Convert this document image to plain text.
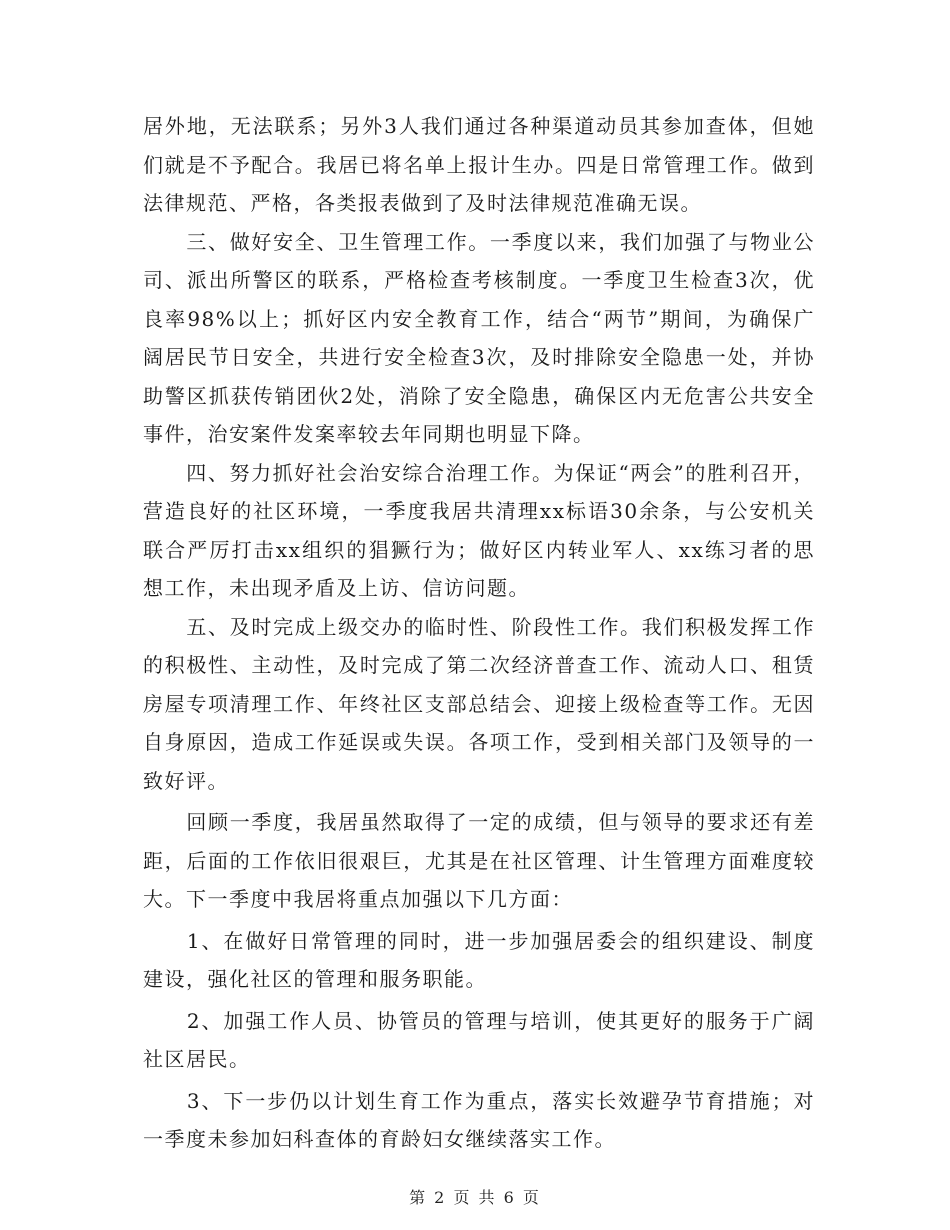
居外地，无法联系；另外3人我们通过各种渠道动员其参加查体，但她们就是不予配合。我居已将名单上报计生办。四是日常管理工作。做到法律规范、严格，各类报表做到了及时法律规范准确无误。

　　三、做好安全、卫生管理工作。一季度以来，我们加强了与物业公司、派出所警区的联系，严格检查考核制度。一季度卫生检查3次，优良率98%以上；抓好区内安全教育工作，结合“两节”期间，为确保广阔居民节日安全，共进行安全检查3次，及时排除安全隐患一处，并协助警区抓获传销团伙2处，消除了安全隐患，确保区内无危害公共安全事件，治安案件发案率较去年同期也明显下降。

　　四、努力抓好社会治安综合治理工作。为保证“两会”的胜利召开，营造良好的社区环境，一季度我居共清理xx标语30余条，与公安机关联合严厉打击xx组织的猖獗行为；做好区内转业军人、xx练习者的思想工作，未出现矛盾及上访、信访问题。

　　五、及时完成上级交办的临时性、阶段性工作。我们积极发挥工作的积极性、主动性，及时完成了第二次经济普查工作、流动人口、租赁房屋专项清理工作、年终社区支部总结会、迎接上级检查等工作。无因自身原因，造成工作延误或失误。各项工作，受到相关部门及领导的一致好评。

　　回顾一季度，我居虽然取得了一定的成绩，但与领导的要求还有差距，后面的工作依旧很艰巨，尤其是在社区管理、计生管理方面难度较大。下一季度中我居将重点加强以下几方面：

　　1、在做好日常管理的同时，进一步加强居委会的组织建设、制度建设，强化社区的管理和服务职能。

　　2、加强工作人员、协管员的管理与培训，使其更好的服务于广阔社区居民。

　　3、下一步仍以计划生育工作为重点，落实长效避孕节育措施；对一季度未参加妇科查体的育龄妇女继续落实工作。

第 2 页 共 6 页
